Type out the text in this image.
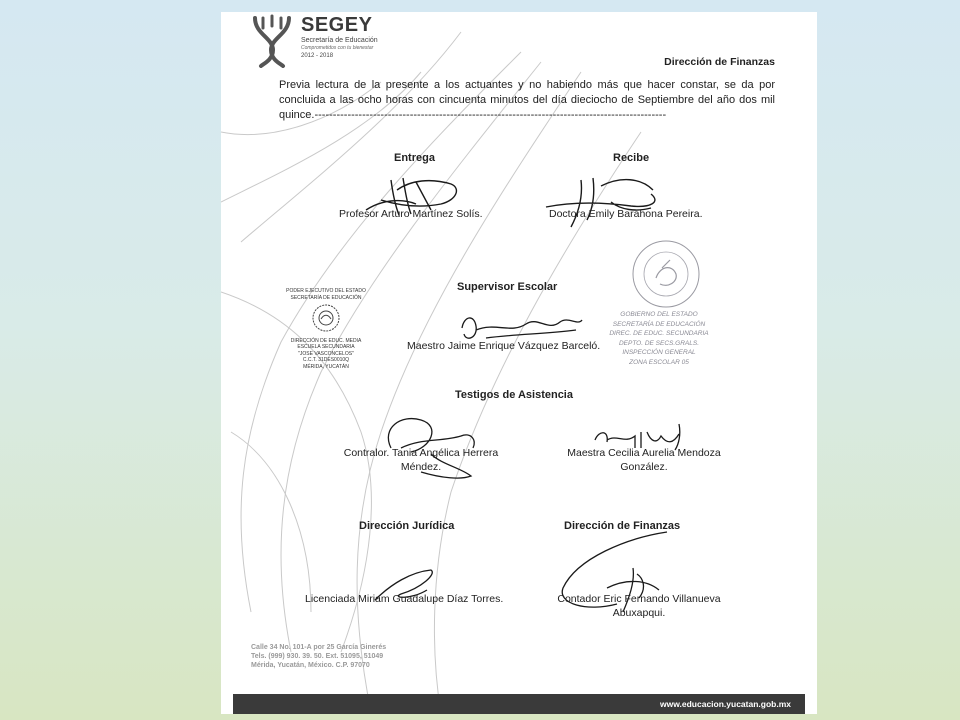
SEGEY
Secretaría de Educación
Comprometidos con tu bienestar
2012 - 2018	Dirección de Finanzas
Previa lectura de la presente a los actuantes y no habiendo más que hacer constar, se da por concluida a las ocho horas con cincuenta minutos del día dieciocho de Septiembre del año dos mil quince.------------------------------------------------------------------------------------------------
Entrega
Profesor Arturo Martínez Solís.
Recibe
Doctora Emily Barahona Pereira.
PODER EJECUTIVO DEL ESTADO
SECRETARÍA DE EDUCACIÓN
DIRECCIÓN DE EDUC. MEDIA
ESCUELA SECUNDARIA
"JOSE VASCONCELOS"
C.C.T. 31DES0010Q
MÉRIDA, YUCATÁN
Supervisor Escolar
Maestro Jaime Enrique Vázquez Barceló.
GOBIERNO DEL ESTADO
SECRETARÍA DE EDUCACIÓN
DIREC. DE EDUC. SECUNDARIA
DEPTO. DE SECS.GRALS.
INSPECCIÓN GENERAL
ZONA ESCOLAR 05
Testigos de Asistencia
Contralor. Tania Angélica Herrera
Méndez.
Maestra Cecilia Aurelia Mendoza
González.
Dirección Jurídica
Licenciada Miriam Guadalupe Díaz Torres.
Dirección de Finanzas
Contador Eric Fernando Villanueva
Abuxapqui.
Calle 34 No. 101-A por 25 García Ginerés
Tels. (999) 930. 39. 50. Ext. 51095, 51049
Mérida, Yucatán, México. C.P. 97070
www.educacion.yucatan.gob.mx
